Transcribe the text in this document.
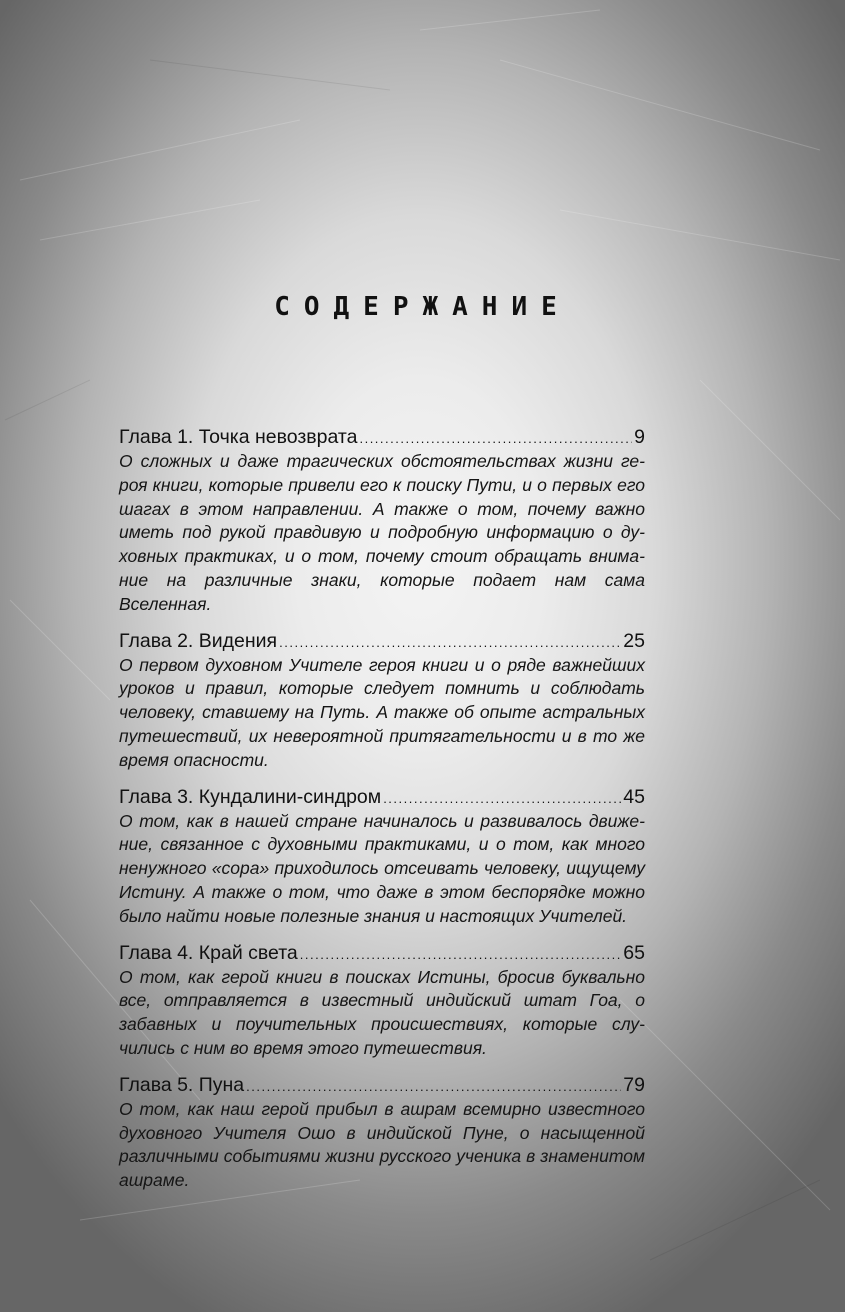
СОДЕРЖАНИЕ
Глава 1. Точка невозврата .....	9
О сложных и даже трагических обстоятельствах жизни героя книги, которые привели его к поиску Пути, и о первых его шагах в этом направлении. А также о том, почему важно иметь под рукой правдивую и подробную информацию о духовных практиках, и о том, почему стоит обращать внимание на различные знаки, которые подает нам сама Вселенная.
Глава 2. Видения .....	25
О первом духовном Учителе героя книги и о ряде важнейших уроков и правил, которые следует помнить и соблюдать человеку, ставшему на Путь. А также об опыте астральных путешествий, их невероятной притягательности и в то же время опасности.
Глава 3. Кундалини-синдром .....	45
О том, как в нашей стране начиналось и развивалось движение, связанное с духовными практиками, и о том, как много ненужного «сора» приходилось отсеивать человеку, ищущему Истину. А также о том, что даже в этом беспорядке можно было найти новые полезные знания и настоящих Учителей.
Глава 4. Край света .....	65
О том, как герой книги в поисках Истины, бросив буквально все, отправляется в известный индийский штат Гоа, о забавных и поучительных происшествиях, которые случились с ним во время этого путешествия.
Глава 5. Пуна .....	79
О том, как наш герой прибыл в ашрам всемирно известного духовного Учителя Ошо в индийской Пуне, о насыщенной различными событиями жизни русского ученика в знаменитом ашраме.
